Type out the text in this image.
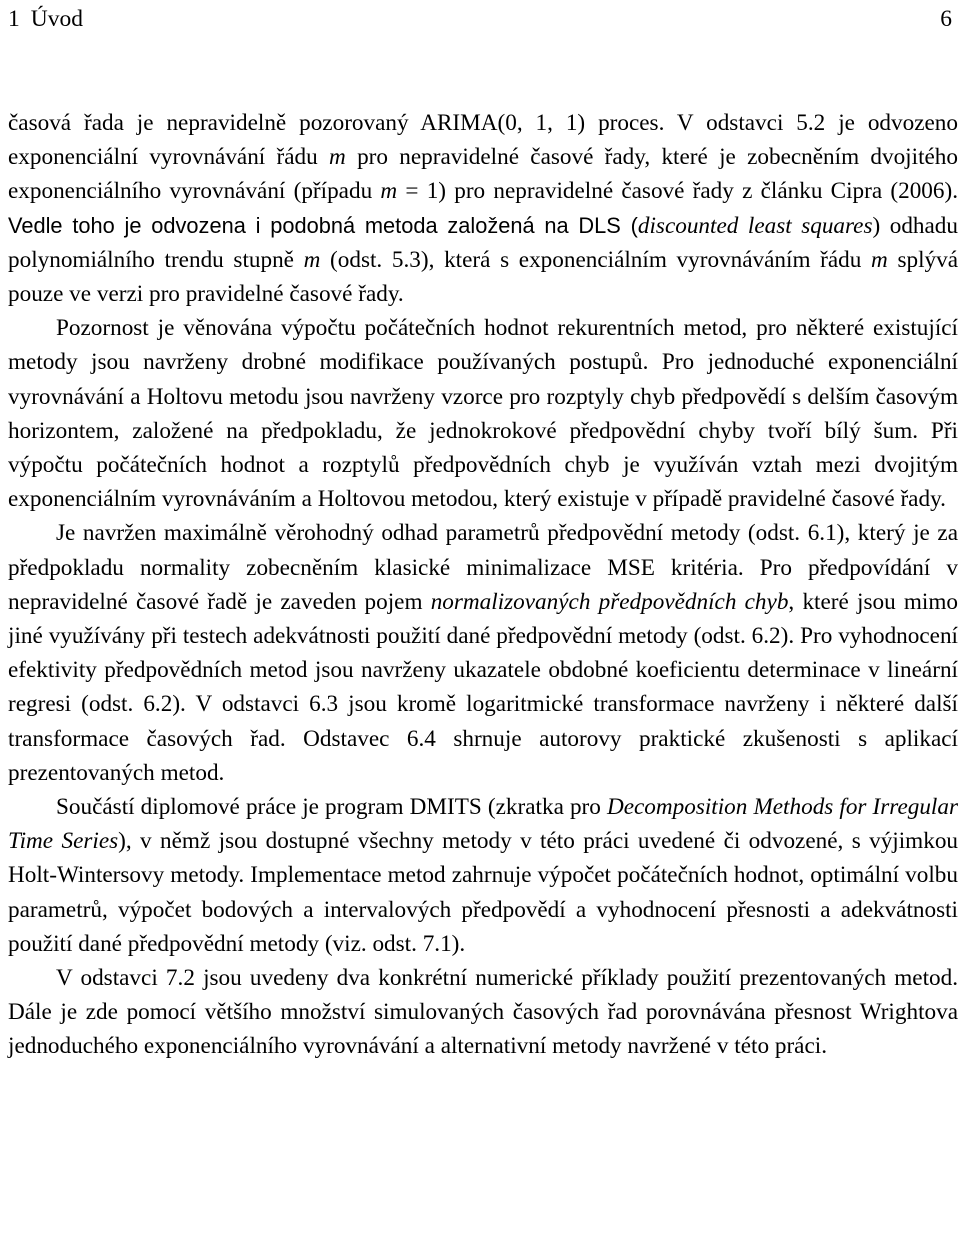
1 Úvod	6

časová řada je nepravidelně pozorovaný ARIMA(0, 1, 1) proces. V odstavci 5.2 je odvozeno exponenciální vyrovnávání řádu m pro nepravidelné časové řady, které je zobecněním dvojitého exponenciálního vyrovnávání (případu m = 1) pro nepravidelné časové řady z článku Cipra (2006). Vedle toho je odvozena i podobná metoda založená na DLS (discounted least squares) odhadu polynomiálního trendu stupně m (odst. 5.3), která s exponenciálním vyrovnáváním řádu m splývá pouze ve verzi pro pravidelné časové řady.

Pozornost je věnována výpočtu počátečních hodnot rekurentních metod, pro některé existující metody jsou navrženy drobné modifikace používaných postupů. Pro jednoduché exponenciální vyrovnávání a Holtovu metodu jsou navrženy vzorce pro rozptyly chyb předpovědí s delším časovým horizontem, založené na předpokladu, že jednokrokové předpovědní chyby tvoří bílý šum. Při výpočtu počátečních hodnot a rozptylů předpovědních chyb je využíván vztah mezi dvojitým exponenciálním vyrovnáváním a Holtovou metodou, který existuje v případě pravidelné časové řady.

Je navržen maximálně věrohodný odhad parametrů předpovědní metody (odst. 6.1), který je za předpokladu normality zobecněním klasické minimalizace MSE kritéria. Pro předpovídání v nepravidelné časové řadě je zaveden pojem normalizovaných předpovědních chyb, které jsou mimo jiné využívány při testech adekvátnosti použití dané předpovědní metody (odst. 6.2). Pro vyhodnocení efektivity předpovědních metod jsou navrženy ukazatele obdobné koeficientu determinace v lineární regresi (odst. 6.2). V odstavci 6.3 jsou kromě logaritmické transformace navrženy i některé další transformace časových řad. Odstavec 6.4 shrnuje autorovy praktické zkušenosti s aplikací prezentovaných metod.

Součástí diplomové práce je program DMITS (zkratka pro Decomposition Methods for Irregular Time Series), v němž jsou dostupné všechny metody v této práci uvedené či odvozené, s výjimkou Holt-Wintersovy metody. Implementace metod zahrnuje výpočet počátečních hodnot, optimální volbu parametrů, výpočet bodových a intervalových předpovědí a vyhodnocení přesnosti a adekvátnosti použití dané předpovědní metody (viz. odst. 7.1).

V odstavci 7.2 jsou uvedeny dva konkrétní numerické příklady použití prezentovaných metod. Dále je zde pomocí většího množství simulovaných časových řad porovnávána přesnost Wrightova jednoduchého exponenciálního vyrovnávání a alternativní metody navržené v této práci.
